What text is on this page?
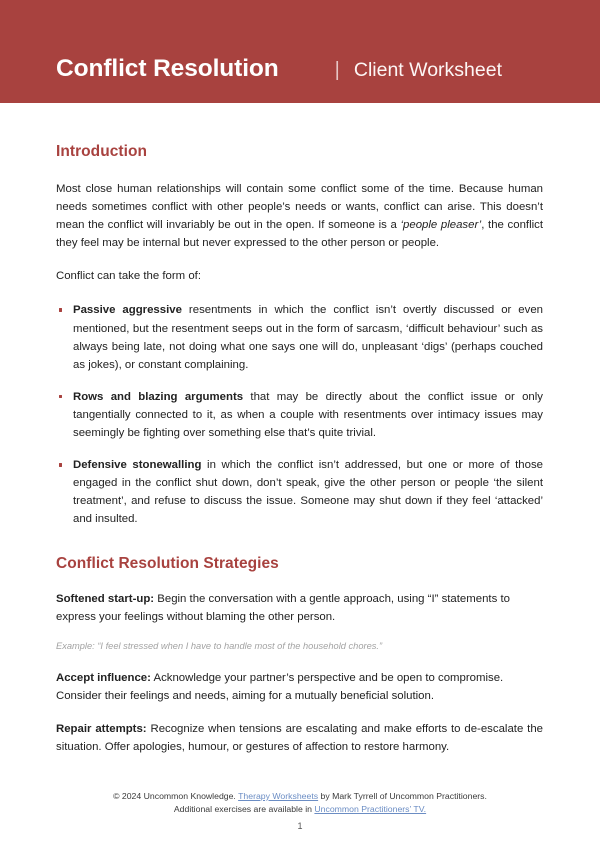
Conflict Resolution	| Client Worksheet
Introduction

Most close human relationships will contain some conflict some of the time. Because human needs sometimes conflict with other people’s needs or wants, conflict can arise. This doesn’t mean the conflict will invariably be out in the open. If someone is a ‘people pleaser’, the conflict they feel may be internal but never expressed to the other person or people.

Conflict can take the form of:

Passive aggressive resentments in which the conflict isn’t overtly discussed or even mentioned, but the resentment seeps out in the form of sarcasm, ‘difficult behaviour’ such as always being late, not doing what one says one will do, unpleasant ‘digs’ (perhaps couched as jokes), or constant complaining.
Rows and blazing arguments that may be directly about the conflict issue or only tangentially connected to it, as when a couple with resentments over intimacy issues may seemingly be fighting over something else that’s quite trivial.
Defensive stonewalling in which the conflict isn’t addressed, but one or more of those engaged in the conflict shut down, don’t speak, give the other person or people ‘the silent treatment’, and refuse to discuss the issue. Someone may shut down if they feel ‘attacked’ and insulted.
Conflict Resolution Strategies

Softened start-up: Begin the conversation with a gentle approach, using “I” statements to express your feelings without blaming the other person.

Example: “I feel stressed when I have to handle most of the household chores.”

Accept influence: Acknowledge your partner’s perspective and be open to compromise. Consider their feelings and needs, aiming for a mutually beneficial solution.

Repair attempts: Recognize when tensions are escalating and make efforts to de-escalate the situation. Offer apologies, humour, or gestures of affection to restore harmony.

© 2024 Uncommon Knowledge. Therapy Worksheets by Mark Tyrrell of Uncommon Practitioners.
Additional exercises are available in Uncommon Practitioners’ TV.
1
